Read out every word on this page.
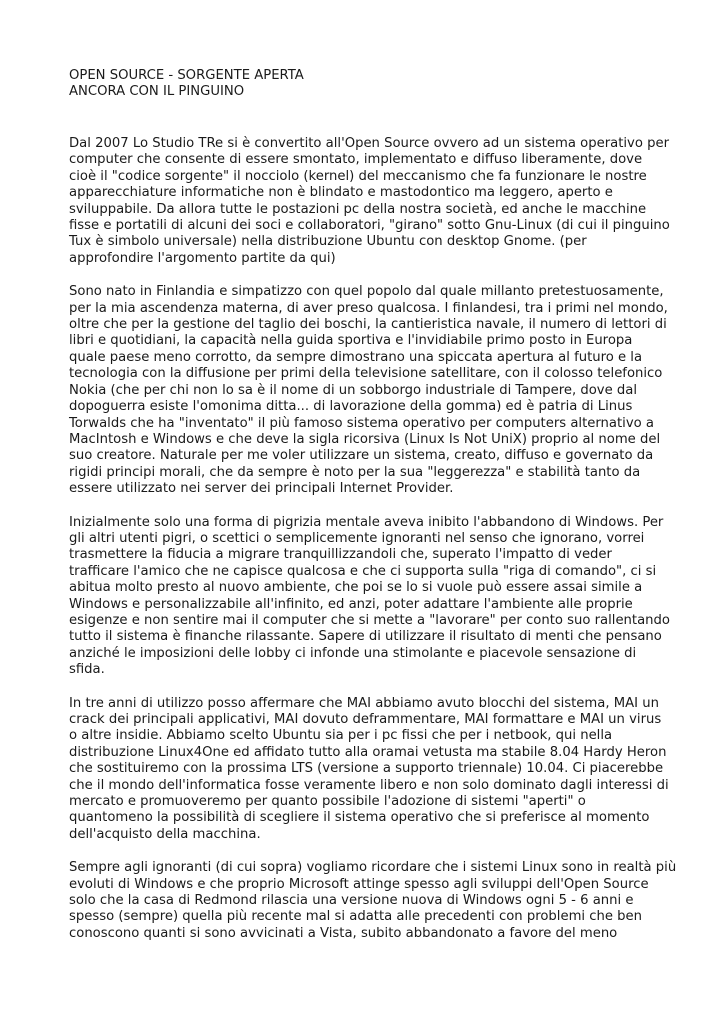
OPEN SOURCE - SORGENTE APERTA
ANCORA CON IL PINGUINO
Dal 2007 Lo Studio TRe si è convertito all'Open Source ovvero ad un sistema operativo per
computer che consente di essere smontato, implementato e diffuso liberamente, dove
cioè il "codice sorgente" il nocciolo (kernel) del meccanismo che fa funzionare le nostre
apparecchiature informatiche non è blindato e mastodontico ma leggero, aperto e
sviluppabile. Da allora tutte le postazioni pc della nostra società, ed anche le macchine
fisse e portatili di alcuni dei soci e collaboratori, "girano" sotto Gnu-Linux (di cui il pinguino
Tux è simbolo universale) nella distribuzione Ubuntu con desktop Gnome. (per
approfondire l'argomento partite da qui)
Sono nato in Finlandia e simpatizzo con quel popolo dal quale millanto pretestuosamente,
per la mia ascendenza materna, di aver preso qualcosa. I finlandesi, tra i primi nel mondo,
oltre che per la gestione del taglio dei boschi, la cantieristica navale, il numero di lettori di
libri e quotidiani, la capacità nella guida sportiva e l'invidiabile primo posto in Europa
quale paese meno corrotto, da sempre dimostrano una spiccata apertura al futuro e la
tecnologia con la diffusione per primi della televisione satellitare, con il colosso telefonico
Nokia (che per chi non lo sa è il nome di un sobborgo industriale di Tampere, dove dal
dopoguerra esiste l'omonima ditta... di lavorazione della gomma) ed è patria di Linus
Torwalds che ha "inventato" il più famoso sistema operativo per computers alternativo a
MacIntosh e Windows e che deve la sigla ricorsiva (Linux Is Not UniX) proprio al nome del
suo creatore. Naturale per me voler utilizzare un sistema, creato, diffuso e governato da
rigidi principi morali, che da sempre è noto per la sua "leggerezza" e stabilità tanto da
essere utilizzato nei server dei principali Internet Provider.
Inizialmente solo una forma di pigrizia mentale aveva inibito l'abbandono di Windows. Per
gli altri utenti pigri, o scettici o semplicemente ignoranti nel senso che ignorano, vorrei
trasmettere la fiducia a migrare tranquillizzandoli che, superato l'impatto di veder
trafficare l'amico che ne capisce qualcosa e che ci supporta sulla "riga di comando", ci si
abitua molto presto al nuovo ambiente, che poi se lo si vuole può essere assai simile a
Windows e personalizzabile all'infinito, ed anzi, poter adattare l'ambiente alle proprie
esigenze e non sentire mai il computer che si mette a "lavorare" per conto suo rallentando
tutto il sistema è finanche rilassante. Sapere di utilizzare il risultato di menti che pensano
anziché le imposizioni delle lobby ci infonde una stimolante e piacevole sensazione di
sfida.
In tre anni di utilizzo posso affermare che MAI abbiamo avuto blocchi del sistema, MAI un
crack dei principali applicativi, MAI dovuto deframmentare, MAI formattare e MAI un virus
o altre insidie. Abbiamo scelto Ubuntu sia per i pc fissi che per i netbook, qui nella
distribuzione Linux4One ed affidato tutto alla oramai vetusta ma stabile 8.04 Hardy Heron
che sostituiremo con la prossima LTS (versione a supporto triennale) 10.04. Ci piacerebbe
che il mondo dell'informatica fosse veramente libero e non solo dominato dagli interessi di
mercato e promuoveremo per quanto possibile l'adozione di sistemi "aperti" o
quantomeno la possibilità di scegliere il sistema operativo che si preferisce al momento
dell'acquisto della macchina.
Sempre agli ignoranti (di cui sopra) vogliamo ricordare che i sistemi Linux sono in realtà più
evoluti di Windows e che proprio Microsoft attinge spesso agli sviluppi dell'Open Source
solo che la casa di Redmond rilascia una versione nuova di Windows ogni 5 - 6 anni e
spesso (sempre) quella più recente mal si adatta alle precedenti con problemi che ben
conoscono quanti si sono avvicinati a Vista, subito abbandonato a favore del meno
